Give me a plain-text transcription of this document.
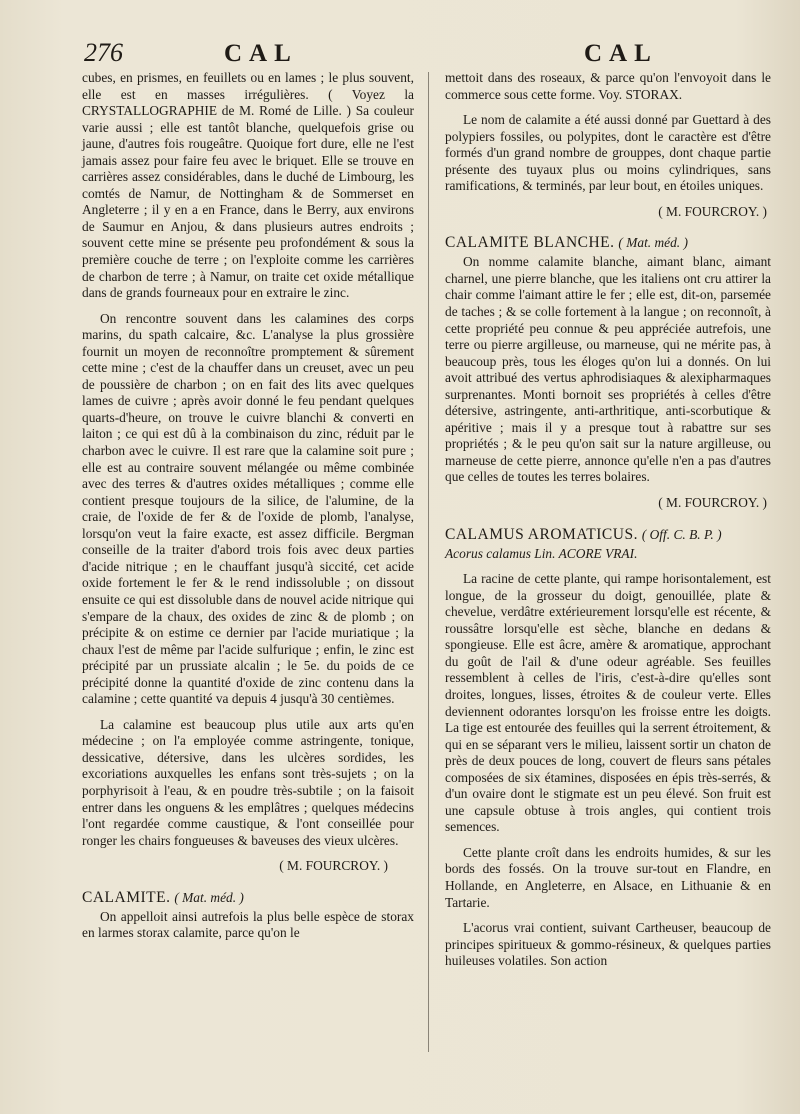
276	CAL	CAL

cubes, en prismes, en feuillets ou en lames ; le plus souvent, elle est en masses irrégulières. ( Voyez la CRYSTALLOGRAPHIE de M. Romé de Lille. ) Sa couleur varie aussi ; elle est tantôt blanche, quelquefois grise ou jaune, d'autres fois rougeâtre. Quoique fort dure, elle ne l'est jamais assez pour faire feu avec le briquet. Elle se trouve en carrières assez considérables, dans le duché de Limbourg, les comtés de Namur, de Nottingham & de Sommerset en Angleterre ; il y en a en France, dans le Berry, aux environs de Saumur en Anjou, & dans plusieurs autres endroits ; souvent cette mine se présente peu profondément & sous la première couche de terre ; on l'exploite comme les carrières de charbon de terre ; à Namur, on traite cet oxide métallique dans de grands fourneaux pour en extraire le zinc.

On rencontre souvent dans les calamines des corps marins, du spath calcaire, &c. L'analyse la plus grossière fournit un moyen de reconnoître promptement & sûrement cette mine ; c'est de la chauffer dans un creuset, avec un peu de poussière de charbon ; on en fait des lits avec quelques lames de cuivre ; après avoir donné le feu pendant quelques quarts-d'heure, on trouve le cuivre blanchi & converti en laiton ; ce qui est dû à la combinaison du zinc, réduit par le charbon avec le cuivre. Il est rare que la calamine soit pure ; elle est au contraire souvent mélangée ou même combinée avec des terres & d'autres oxides métalliques ; comme elle contient presque toujours de la silice, de l'alumine, de la craie, de l'oxide de fer & de l'oxide de plomb, l'analyse, lorsqu'on veut la faire exacte, est assez difficile. Bergman conseille de la traiter d'abord trois fois avec deux parties d'acide nitrique ; en le chauffant jusqu'à siccité, cet acide oxide fortement le fer & le rend indissoluble ; on dissout ensuite ce qui est dissoluble dans de nouvel acide nitrique qui s'empare de la chaux, des oxides de zinc & de plomb ; on précipite & on estime ce dernier par l'acide muriatique ; la chaux l'est de même par l'acide sulfurique ; enfin, le zinc est précipité par un prussiate alcalin ; le 5e. du poids de ce précipité donne la quantité d'oxide de zinc contenu dans la calamine ; cette quantité va depuis 4 jusqu'à 30 centièmes.

La calamine est beaucoup plus utile aux arts qu'en médecine ; on l'a employée comme astringente, tonique, dessicative, détersive, dans les ulcères sordides, les excoriations auxquelles les enfans sont très-sujets ; on la porphyrisoit à l'eau, & en poudre très-subtile ; on la faisoit entrer dans les onguens & les emplâtres ; quelques médecins l'ont regardée comme caustique, & l'ont conseillée pour ronger les chairs fongueuses & baveuses des vieux ulcères.

( M. FOURCROY. )

CALAMITE. ( Mat. méd. )

On appelloit ainsi autrefois la plus belle espèce de storax en larmes storax calamite, parce qu'on le

mettoit dans des roseaux, & parce qu'on l'envoyoit dans le commerce sous cette forme. Voy. STORAX.

Le nom de calamite a été aussi donné par Guettard à des polypiers fossiles, ou polypites, dont le caractère est d'être formés d'un grand nombre de grouppes, dont chaque partie présente des tuyaux plus ou moins cylindriques, sans ramifications, & terminés, par leur bout, en étoiles uniques.

( M. FOURCROY. )

CALAMITE BLANCHE. ( Mat. méd. )

On nomme calamite blanche, aimant blanc, aimant charnel, une pierre blanche, que les italiens ont cru attirer la chair comme l'aimant attire le fer ; elle est, dit-on, parsemée de taches ; & se colle fortement à la langue ; on reconnoît, à cette propriété peu connue & peu appréciée autrefois, une terre ou pierre argilleuse, ou marneuse, qui ne mérite pas, à beaucoup près, tous les éloges qu'on lui a donnés. On lui avoit attribué des vertus aphrodisiaques & alexipharmaques surprenantes. Monti bornoit ses propriétés à celles d'être détersive, astringente, anti-arthritique, anti-scorbutique & apéritive ; mais il y a presque tout à rabattre sur ses propriétés ; & le peu qu'on sait sur la nature argilleuse, ou marneuse de cette pierre, annonce qu'elle n'en a pas d'autres que celles de toutes les terres bolaires.

( M. FOURCROY. )

CALAMUS AROMATICUS. ( Off. C. B. P. )

Acorus calamus Lin. ACORE VRAI.

La racine de cette plante, qui rampe horisontalement, est longue, de la grosseur du doigt, genouillée, plate & chevelue, verdâtre extérieurement lorsqu'elle est récente, & roussâtre lorsqu'elle est sèche, blanche en dedans & spongieuse. Elle est âcre, amère & aromatique, approchant du goût de l'ail & d'une odeur agréable. Ses feuilles ressemblent à celles de l'iris, c'est-à-dire qu'elles sont droites, longues, lisses, étroites & de couleur verte. Elles deviennent odorantes lorsqu'on les froisse entre les doigts. La tige est entourée des feuilles qui la serrent étroitement, & qui en se séparant vers le milieu, laissent sortir un chaton de près de deux pouces de long, couvert de fleurs sans pétales composées de six étamines, disposées en épis très-serrés, & d'un ovaire dont le stigmate est un peu élevé. Son fruit est une capsule obtuse à trois angles, qui contient trois semences.

Cette plante croît dans les endroits humides, & sur les bords des fossés. On la trouve sur-tout en Flandre, en Hollande, en Angleterre, en Alsace, en Lithuanie & en Tartarie.

L'acorus vrai contient, suivant Cartheuser, beaucoup de principes spiritueux & gommo-résineux, & quelques parties huileuses volatiles. Son action
